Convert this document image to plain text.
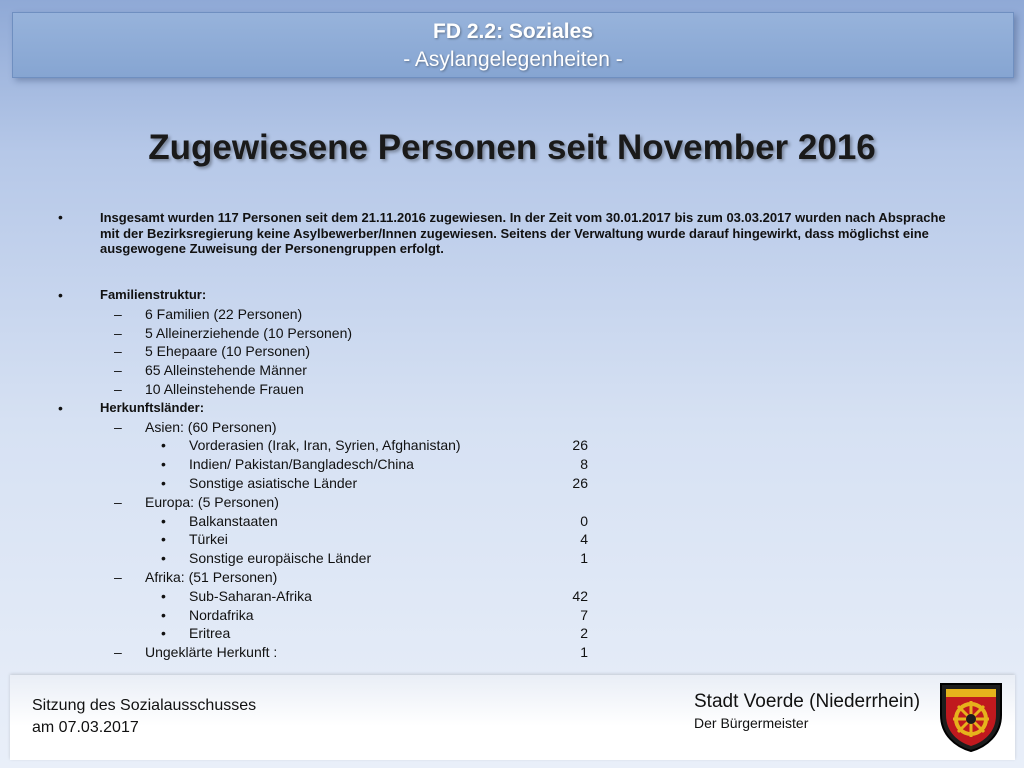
FD 2.2: Soziales
- Asylangelegenheiten -
Zugewiesene Personen seit November 2016
•	Insgesamt wurden 117 Personen seit dem 21.11.2016 zugewiesen. In der Zeit vom 30.01.2017 bis zum 03.03.2017 wurden nach Absprache mit der Bezirksregierung keine Asylbewerber/Innen zugewiesen. Seitens der Verwaltung wurde darauf hingewirkt, dass möglichst eine ausgewogene Zuweisung der Personengruppen erfolgt.
•	Familienstruktur:
– 6 Familien (22 Personen)
– 5 Alleinerziehende (10 Personen)
– 5 Ehepaare (10 Personen)
– 65 Alleinstehende Männer
– 10 Alleinstehende Frauen
•	Herkunftsländer:
– Asien: (60 Personen)
• Vorderasien (Irak, Iran, Syrien, Afghanistan)	26
• Indien/ Pakistan/Bangladesch/China	8
• Sonstige asiatische Länder	26
– Europa: (5 Personen)
• Balkanstaaten	0
• Türkei	4
• Sonstige europäische Länder	1
– Afrika: (51 Personen)
• Sub-Saharan-Afrika	42
• Nordafrika	7
• Eritrea	2
– Ungeklärte Herkunft :	1
Sitzung des Sozialausschusses
am 07.03.2017
Stadt Voerde (Niederrhein)
Der Bürgermeister
